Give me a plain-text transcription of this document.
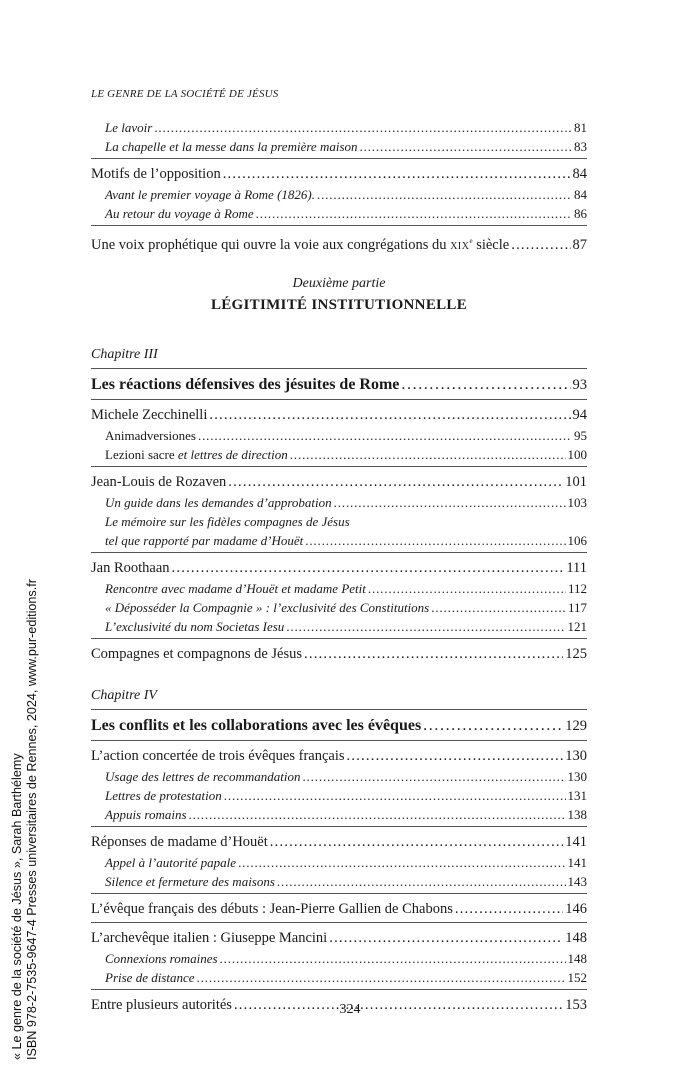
LE GENRE DE LA SOCIÉTÉ DE JÉSUS
Le lavoir . . .	81
La chapelle et la messe dans la première maison . . .	83
Motifs de l’opposition . . .	84
Avant le premier voyage à Rome (1826). . . .	84
Au retour du voyage à Rome . . .	86
Une voix prophétique qui ouvre la voie aux congrégations du XIXe siècle . . .	87
Deuxième partie
LÉGITIMITÉ INSTITUTIONNELLE
Chapitre III
Les réactions défensives des jésuites de Rome . . .	93
Michele Zecchinelli . . .	94
Animadversiones . . .	95
Lezioni sacre et lettres de direction . . .	100
Jean-Louis de Rozaven . . .	101
Un guide dans les demandes d’approbation . . .	103
Le mémoire sur les fidèles compagnes de Jésus
tel que rapporté par madame d’Houët . . .	106
Jan Roothaan . . .	111
Rencontre avec madame d’Houët et madame Petit . . .	112
« Déposséder la Compagnie » : l’exclusivité des Constitutions . . .	117
L’exclusivité du nom Societas Iesu . . .	121
Compagnes et compagnons de Jésus . . .	125
Chapitre IV
Les conflits et les collaborations avec les évêques . . .	129
L’action concertée de trois évêques français . . .	130
Usage des lettres de recommandation . . .	130
Lettres de protestation . . .	131
Appuis romains . . .	138
Réponses de madame d’Houët . . .	141
Appel à l’autorité papale . . .	141
Silence et fermeture des maisons . . .	143
L’évêque français des débuts : Jean-Pierre Gallien de Chabons . . .	146
L’archevêque italien : Giuseppe Mancini . . .	148
Connexions romaines . . .	148
Prise de distance . . .	152
Entre plusieurs autorités . . .	153
324
« Le genre de la société de Jésus », Sarah Barthélemy ISBN 978-2-7535-9647-4 Presses universitaires de Rennes, 2024, www.pur-editions.fr
